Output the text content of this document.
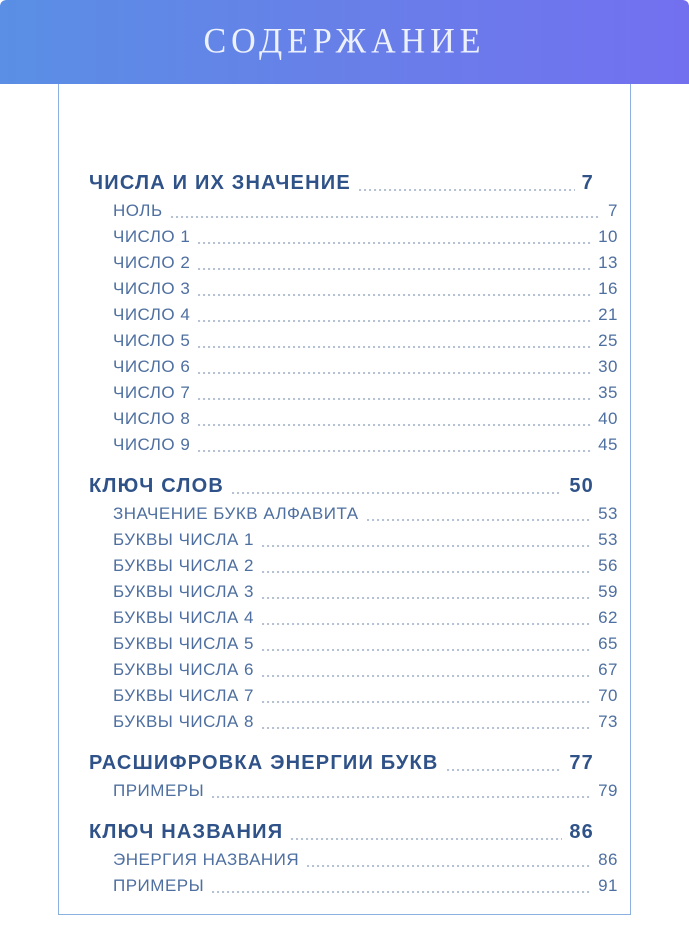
СОДЕРЖАНИЕ
ЧИСЛА И ИХ ЗНАЧЕНИЕ	7
НОЛЬ	7
ЧИСЛО 1	10
ЧИСЛО 2	13
ЧИСЛО 3	16
ЧИСЛО 4	21
ЧИСЛО 5	25
ЧИСЛО 6	30
ЧИСЛО 7	35
ЧИСЛО 8	40
ЧИСЛО 9	45
КЛЮЧ СЛОВ	50
ЗНАЧЕНИЕ БУКВ АЛФАВИТА	53
БУКВЫ ЧИСЛА 1	53
БУКВЫ ЧИСЛА 2	56
БУКВЫ ЧИСЛА 3	59
БУКВЫ ЧИСЛА 4	62
БУКВЫ ЧИСЛА 5	65
БУКВЫ ЧИСЛА 6	67
БУКВЫ ЧИСЛА 7	70
БУКВЫ ЧИСЛА 8	73
РАСШИФРОВКА ЭНЕРГИИ БУКВ	77
ПРИМЕРЫ	79
КЛЮЧ НАЗВАНИЯ	86
ЭНЕРГИЯ НАЗВАНИЯ	86
ПРИМЕРЫ	91
